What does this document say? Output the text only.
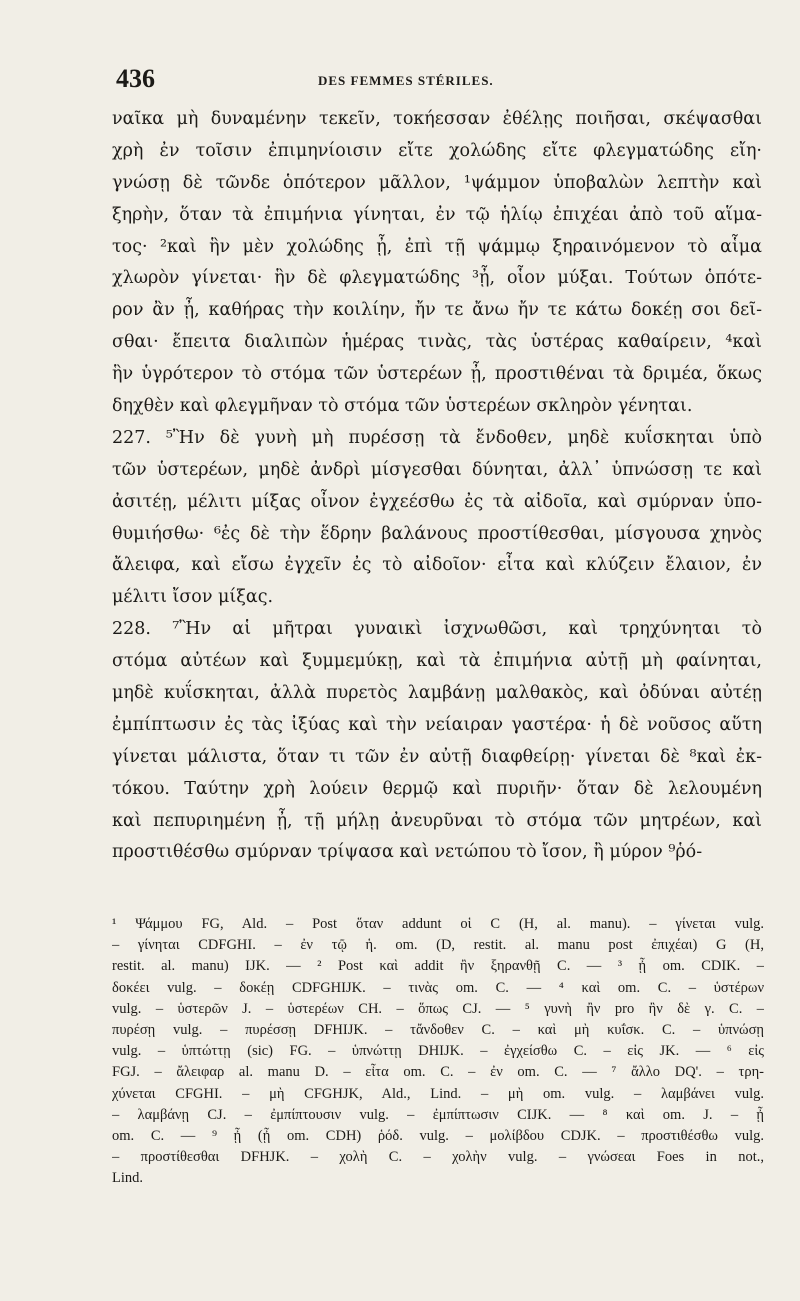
436	DES FEMMES STÉRILES.
ναῖκα μὴ δυναμένην τεκεῖν, τοκήεσσαν ἐθέλῃς ποιῆσαι, σκέψασθαι
χρὴ ἐν τοῖσιν ἐπιμηνίοισιν εἴτε χολώδης εἴτε φλεγματώδης εἴη·
γνώσῃ δὲ τῶνδε ὁπότερον μᾶλλον, ¹ψάμμον ὑποβαλὼν λεπτὴν καὶ
ξηρὴν, ὅταν τὰ ἐπιμήνια γίνηται, ἐν τῷ ἡλίῳ ἐπιχέαι ἀπὸ τοῦ αἵμα-
τος· ²καὶ ἣν μὲν χολώδης ᾖ, ἐπὶ τῇ ψάμμῳ ξηραινόμενον τὸ αἷμα
χλωρὸν γίνεται· ἣν δὲ φλεγματώδης ³ᾖ, οἷον μύξαι. Τούτων ὁπότε-
ρον ἂν ᾖ, καθήρας τὴν κοιλίην, ἤν τε ἄνω ἤν τε κάτω δοκέῃ σοι δεῖ-
σθαι· ἔπειτα διαλιπὼν ἡμέρας τινὰς, τὰς ὑστέρας καθαίρειν, ⁴καὶ
ἣν ὑγρότερον τὸ στόμα τῶν ὑστερέων ᾖ, προστιθέναι τὰ δριμέα, ὅκως
δηχθὲν καὶ φλεγμῆναν τὸ στόμα τῶν ὑστερέων σκληρὸν γένηται.
227. ⁵Ἢν δὲ γυνὴ μὴ πυρέσσῃ τὰ ἔνδοθεν, μηδὲ κυΐσκηται ὑπὸ
τῶν ὑστερέων, μηδὲ ἀνδρὶ μίσγεσθαι δύνηται, ἀλλ᾽ ὑπνώσσῃ τε καὶ
ἀσιτέῃ, μέλιτι μίξας οἶνον ἐγχεέσθω ἐς τὰ αἰδοῖα, καὶ σμύρναν ὑπο-
θυμιήσθω· ⁶ἐς δὲ τὴν ἕδρην βαλάνους προστίθεσθαι, μίσγουσα χηνὸς
ἄλειφα, καὶ εἴσω ἐγχεῖν ἐς τὸ αἰδοῖον· εἶτα καὶ κλύζειν ἔλαιον, ἐν
μέλιτι ἴσον μίξας.
228. ⁷Ἢν αἱ μῆτραι γυναικὶ ἰσχνωθῶσι, καὶ τρηχύνηται τὸ
στόμα αὐτέων καὶ ξυμμεμύκῃ, καὶ τὰ ἐπιμήνια αὐτῇ μὴ φαίνηται,
μηδὲ κυΐσκηται, ἀλλὰ πυρετὸς λαμβάνῃ μαλθακὸς, καὶ ὀδύναι αὐτέῃ
ἐμπίπτωσιν ἐς τὰς ἰξύας καὶ τὴν νείαιραν γαστέρα· ἡ δὲ νοῦσος αὕτη
γίνεται μάλιστα, ὅταν τι τῶν ἐν αὐτῇ διαφθείρῃ· γίνεται δὲ ⁸καὶ ἐκ-
τόκου. Ταύτην χρὴ λούειν θερμῷ καὶ πυριῆν· ὅταν δὲ λελουμένη
καὶ πεπυριημένη ᾖ, τῇ μήλῃ ἀνευρῦναι τὸ στόμα τῶν μητρέων, καὶ
προστιθέσθω σμύρναν τρίψασα καὶ νετώπου τὸ ἴσον, ἢ μύρον ⁹ῥό-
¹ Ψάμμου FG, Ald. – Post ὅταν addunt οἱ C (H, al. manu). – γίνεται vulg.
– γίνηται CDFGHI. – ἐν τῷ ἡ. om. (D, restit. al. manu post ἐπιχέαι) G (H,
restit. al. manu) IJK. — ² Post καὶ addit ἢν ξηρανθῇ C. — ³ ᾖ om. CDIK. –
δοκέει vulg. – δοκέῃ CDFGHIJK. – τινὰς om. C. — ⁴ καὶ om. C. – ὑστέρων
vulg. – ὑστερῶν J. – ὑστερέων CH. – ὅπως CJ. — ⁵ γυνὴ ἢν pro ἢν δὲ γ. C. –
πυρέσῃ vulg. – πυρέσσῃ DFHIJK. – τἄνδοθεν C. – καὶ μὴ κυΐσκ. C. – ὑπνώσῃ
vulg. – ὑπτώττῃ (sic) FG. – ὑπνώττῃ DHIJK. – ἐγχείσθω C. – εἰς JK. — ⁶ εἰς
FGJ. – ἄλειφαρ al. manu D. – εἶτα om. C. – ἐν om. C. — ⁷ ἄλλο DQ'. – τρη-
χύνεται CFGHI. – μὴ CFGHJK, Ald., Lind. – μὴ om. vulg. – λαμβάνει vulg.
– λαμβάνῃ CJ. – ἐμπίπτουσιν vulg. – ἐμπίπτωσιν CIJK. — ⁸ καὶ om. J. – ᾖ
om. C. — ⁹ ᾖ (ᾖ om. CDH) ῥόδ. vulg. – μολίβδου CDJK. – προστιθέσθω vulg.
– προστίθεσθαι DFHJK. – χολὴ C. – χολὴν vulg. – γνώσεαι Foes in not.,
Lind.
